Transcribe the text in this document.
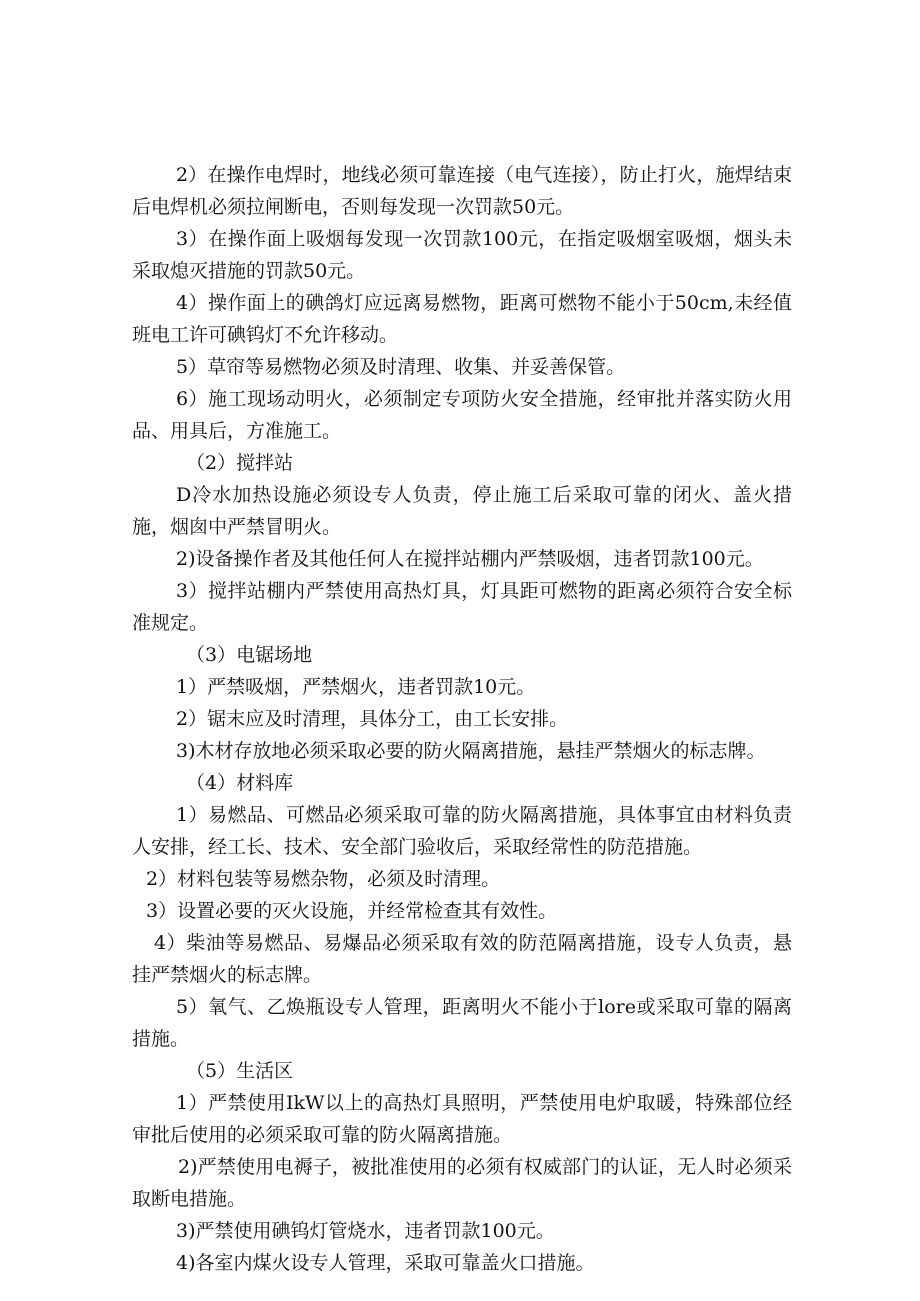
2）在操作电焊时，地线必须可靠连接（电气连接），防止打火，施焊结束后电焊机必须拉闸断电，否则每发现一次罚款50元。

3）在操作面上吸烟每发现一次罚款100元，在指定吸烟室吸烟，烟头未采取熄灭措施的罚款50元。

4）操作面上的碘鸽灯应远离易燃物，距离可燃物不能小于50cm,未经值班电工许可碘钨灯不允许移动。

5）草帘等易燃物必须及时清理、收集、并妥善保管。

6）施工现场动明火，必须制定专项防火安全措施，经审批并落实防火用品、用具后，方准施工。

（2）搅拌站

D冷水加热设施必须设专人负责，停止施工后采取可靠的闭火、盖火措施，烟囱中严禁冒明火。

2)设备操作者及其他任何人在搅拌站棚内严禁吸烟，违者罚款100元。

3）搅拌站棚内严禁使用高热灯具，灯具距可燃物的距离必须符合安全标准规定。

（3）电锯场地

1）严禁吸烟，严禁烟火，违者罚款10元。

2）锯末应及时清理，具体分工，由工长安排。

3)木材存放地必须采取必要的防火隔离措施，悬挂严禁烟火的标志牌。

（4）材料库

1）易燃品、可燃品必须采取可靠的防火隔离措施，具体事宜由材料负责人安排，经工长、技术、安全部门验收后，采取经常性的防范措施。

2）材料包装等易燃杂物，必须及时清理。

3）设置必要的灭火设施，并经常检查其有效性。

4）柴油等易燃品、易爆品必须采取有效的防范隔离措施，设专人负责，悬挂严禁烟火的标志牌。

5）氧气、乙焕瓶设专人管理，距离明火不能小于lore或采取可靠的隔离措施。

（5）生活区

1）严禁使用IkW以上的高热灯具照明，严禁使用电炉取暖，特殊部位经审批后使用的必须采取可靠的防火隔离措施。

2)严禁使用电褥子，被批准使用的必须有权威部门的认证，无人时必须采取断电措施。

3)严禁使用碘钨灯管烧水，违者罚款100元。

4)各室内煤火设专人管理，采取可靠盖火口措施。
